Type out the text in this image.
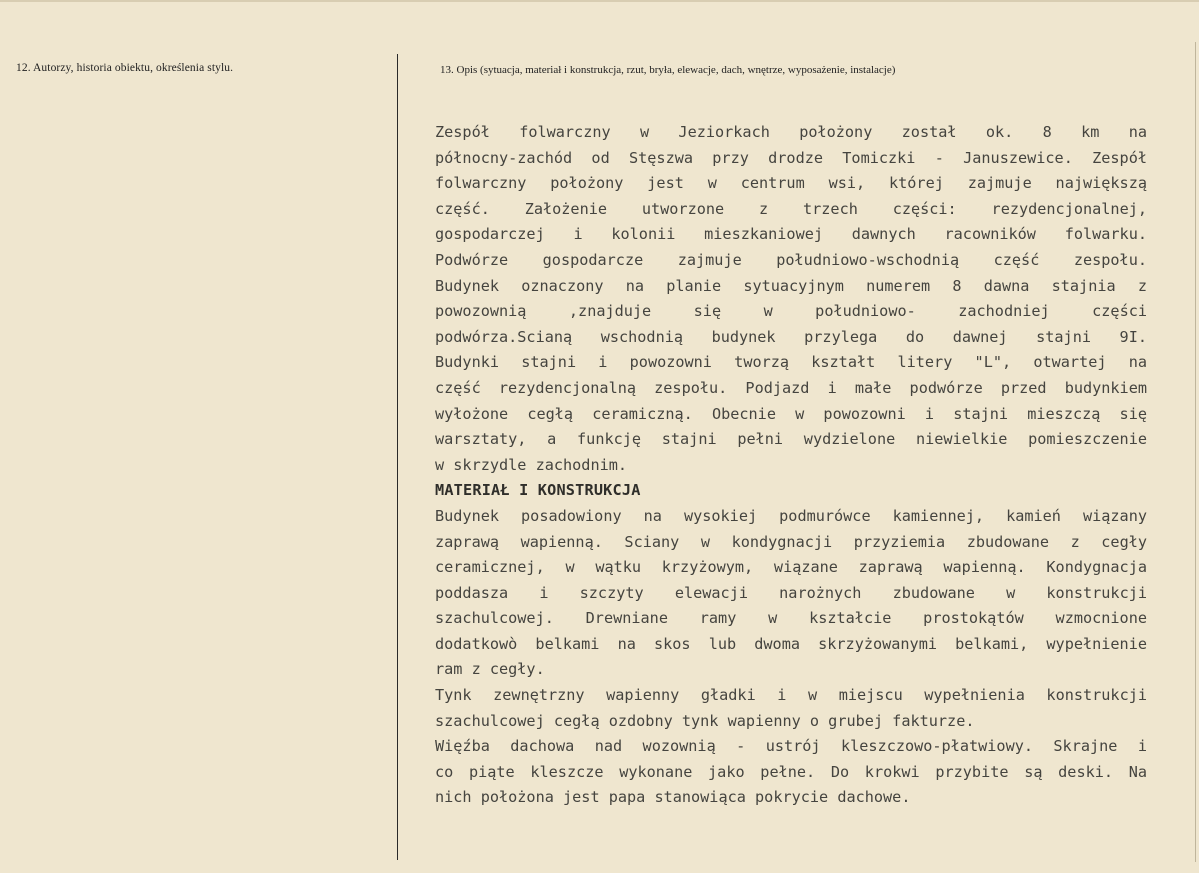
12. Autorzy, historia obiektu, określenia stylu.	13. Opis (sytuacja, materiał i konstrukcja, rzut, bryła, elewacje, dach, wnętrze, wyposażenie, instalacje)
Zespół folwarczny w Jeziorkach położony został ok. 8 km na
północny-zachód od Stęszwa przy drodze Tomiczki - Januszewice. Zespół
folwarczny położony jest w centrum wsi, której zajmuje największą
część. Założenie utworzone z trzech części: rezydencjonalnej,
gospodarczej i kolonii mieszkaniowej dawnych racowników folwarku.
Podwórze gospodarcze zajmuje południowo-wschodnią część zespołu.
Budynek oznaczony na planie sytuacyjnym numerem 8 dawna stajnia z
powozownią ,znajduje się w południowo- zachodniej części
podwórza.Scianą wschodnią budynek przylega do dawnej stajni 9I.
Budynki stajni i powozowni tworzą kształt litery "L", otwartej na
część rezydencjonalną zespołu. Podjazd i małe podwórze przed budynkiem
wyłożone cegłą ceramiczną. Obecnie w powozowni i stajni mieszczą się
warsztaty, a funkcję stajni pełni wydzielone niewielkie pomieszczenie
w skrzydle zachodnim.
MATERIAŁ I KONSTRUKCJA
Budynek posadowiony na wysokiej podmurówce kamiennej, kamień wiązany
zaprawą wapienną. Sciany w kondygnacji przyziemia zbudowane z cegły
ceramicznej, w wątku krzyżowym, wiązane zaprawą wapienną. Kondygnacja
poddasza i szczyty elewacji narożnych zbudowane w konstrukcji
szachulcowej. Drewniane ramy w kształcie prostokątów wzmocnione
dodatkowò belkami na skos lub dwoma skrzyżowanymi belkami, wypełnienie
ram z cegły.
Tynk zewnętrzny wapienny gładki i w miejscu wypełnienia konstrukcji
szachulcowej cegłą ozdobny tynk wapienny o grubej fakturze.
Więźba dachowa nad wozownią - ustrój kleszczowo-płatwiowy. Skrajne i
co piąte kleszcze wykonane jako pełne. Do krokwi przybite są deski. Na
nich położona jest papa stanowiąca pokrycie dachowe.
